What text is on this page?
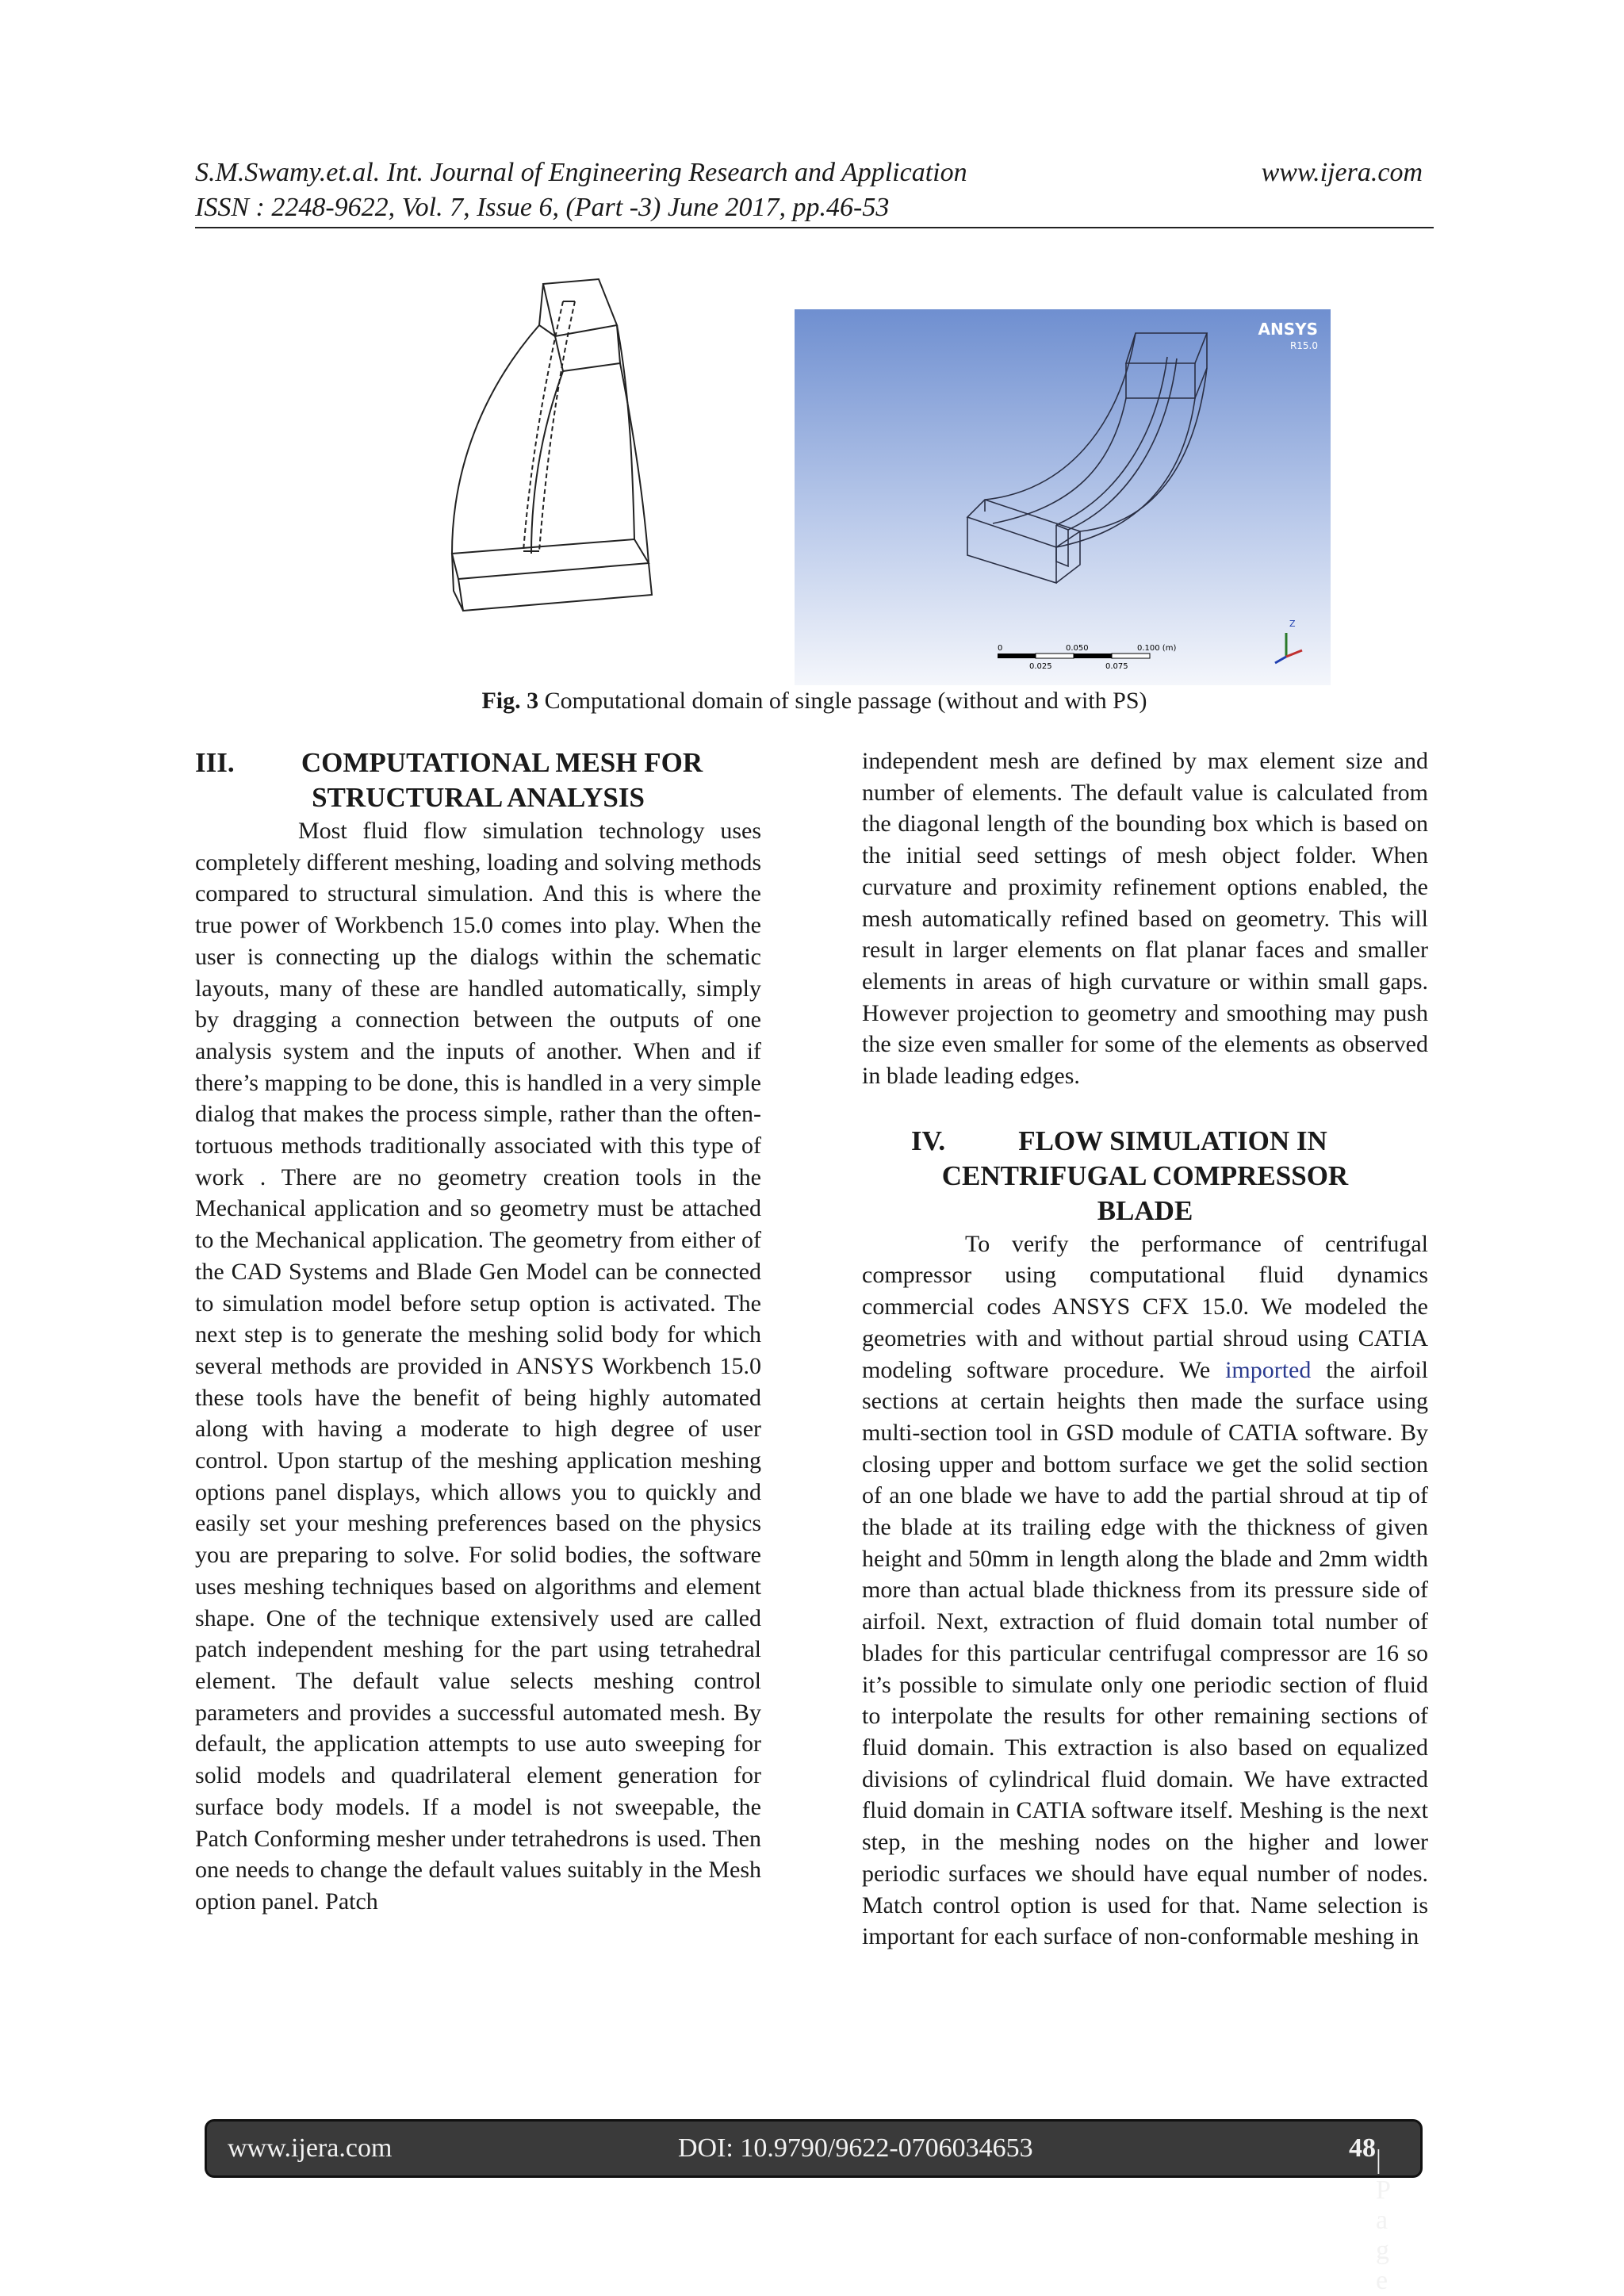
S.M.Swamy.et.al. Int. Journal of Engineering Research and Application	www.ijera.com
ISSN : 2248-9622, Vol. 7, Issue 6, (Part -3) June 2017, pp.46-53
ANSYS
R15.0
0	0.050	0.100 (m)
0.025	0.075
Z
Fig. 3 Computational domain of single passage (without and with PS)
III. COMPUTATIONAL MESH FOR
STRUCTURAL ANALYSIS

Most fluid flow simulation technology uses completely different meshing, loading and solving methods compared to structural simulation. And this is where the true power of Workbench 15.0 comes into play. When the user is connecting up the dialogs within the schematic layouts, many of these are handled automatically, simply by dragging a connection between the outputs of one analysis system and the inputs of another. When and if there’s mapping to be done, this is handled in a very simple dialog that makes the process simple, rather than the often-tortuous methods traditionally associated with this type of work . There are no geometry creation tools in the Mechanical application and so geometry must be attached to the Mechanical application. The geometry from either of the CAD Systems and Blade Gen Model can be connected to simulation model before setup option is activated. The next step is to generate the meshing solid body for which several methods are provided in ANSYS Workbench 15.0 these tools have the benefit of being highly automated along with having a moderate to high degree of user control. Upon startup of the meshing application meshing options panel displays, which allows you to quickly and easily set your meshing preferences based on the physics you are preparing to solve. For solid bodies, the software uses meshing techniques based on algorithms and element shape. One of the technique extensively used are called patch independent meshing for the part using tetrahedral element. The default value selects meshing control parameters and provides a successful automated mesh. By default, the application attempts to use auto sweeping for solid models and quadrilateral element generation for surface body models. If a model is not sweepable, the Patch Conforming mesher under tetrahedrons is used. Then one needs to change the default values suitably in the Mesh option panel. Patch

independent mesh are defined by max element size and number of elements. The default value is calculated from the diagonal length of the bounding box which is based on the initial seed settings of mesh object folder. When curvature and proximity refinement options enabled, the mesh automatically refined based on geometry. This will result in larger elements on flat planar faces and smaller elements in areas of high curvature or within small gaps. However projection to geometry and smoothing may push the size even smaller for some of the elements as observed in blade leading edges.

IV.	FLOW SIMULATION IN
CENTRIFUGAL COMPRESSOR
BLADE

To verify the performance of centrifugal compressor using computational fluid dynamics commercial codes ANSYS CFX 15.0. We modeled the geometries with and without partial shroud using CATIA modeling software procedure. We imported the airfoil sections at certain heights then made the surface using multi-section tool in GSD module of CATIA software. By closing upper and bottom surface we get the solid section of an one blade we have to add the partial shroud at tip of the blade at its trailing edge with the thickness of given height and 50mm in length along the blade and 2mm width more than actual blade thickness from its pressure side of airfoil. Next, extraction of fluid domain total number of blades for this particular centrifugal compressor are 16 so it’s possible to simulate only one periodic section of fluid to interpolate the results for other remaining sections of fluid domain. This extraction is also based on equalized divisions of cylindrical fluid domain. We have extracted fluid domain in CATIA software itself. Meshing is the next step, in the meshing nodes on the higher and lower periodic surfaces we should have equal number of nodes. Match control option is used for that. Name selection is important for each surface of non-conformable meshing in

www.ijera.com	DOI: 10.9790/9622-0706034653	48 | P a g e
